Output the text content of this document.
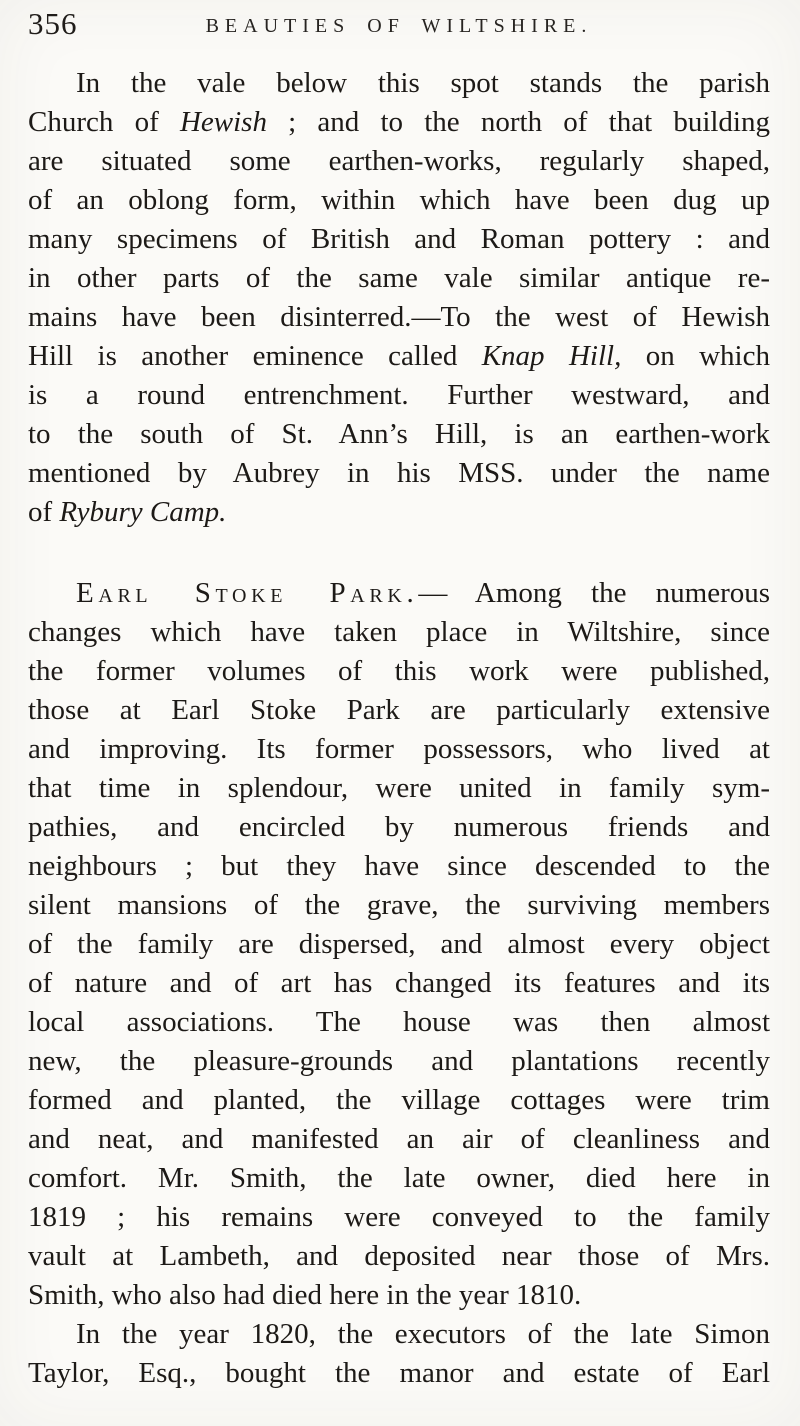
356	BEAUTIES OF WILTSHIRE.
In the vale below this spot stands the parish
Church of Hewish ; and to the north of that building
are situated some earthen-works, regularly shaped,
of an oblong form, within which have been dug up
many specimens of British and Roman pottery : and
in other parts of the same vale similar antique re-
mains have been disinterred.—To the west of Hewish
Hill is another eminence called Knap Hill, on which
is a round entrenchment. Further westward, and
to the south of St. Ann’s Hill, is an earthen-work
mentioned by Aubrey in his MSS. under the name
of Rybury Camp.
Earl Stoke Park.— Among the numerous
changes which have taken place in Wiltshire, since
the former volumes of this work were published,
those at Earl Stoke Park are particularly extensive
and improving. Its former possessors, who lived at
that time in splendour, were united in family sym-
pathies, and encircled by numerous friends and
neighbours ; but they have since descended to the
silent mansions of the grave, the surviving members
of the family are dispersed, and almost every object
of nature and of art has changed its features and its
local associations. The house was then almost
new, the pleasure-grounds and plantations recently
formed and planted, the village cottages were trim
and neat, and manifested an air of cleanliness and
comfort. Mr. Smith, the late owner, died here in
1819 ; his remains were conveyed to the family
vault at Lambeth, and deposited near those of Mrs.
Smith, who also had died here in the year 1810.
In the year 1820, the executors of the late Simon
Taylor, Esq., bought the manor and estate of Earl
